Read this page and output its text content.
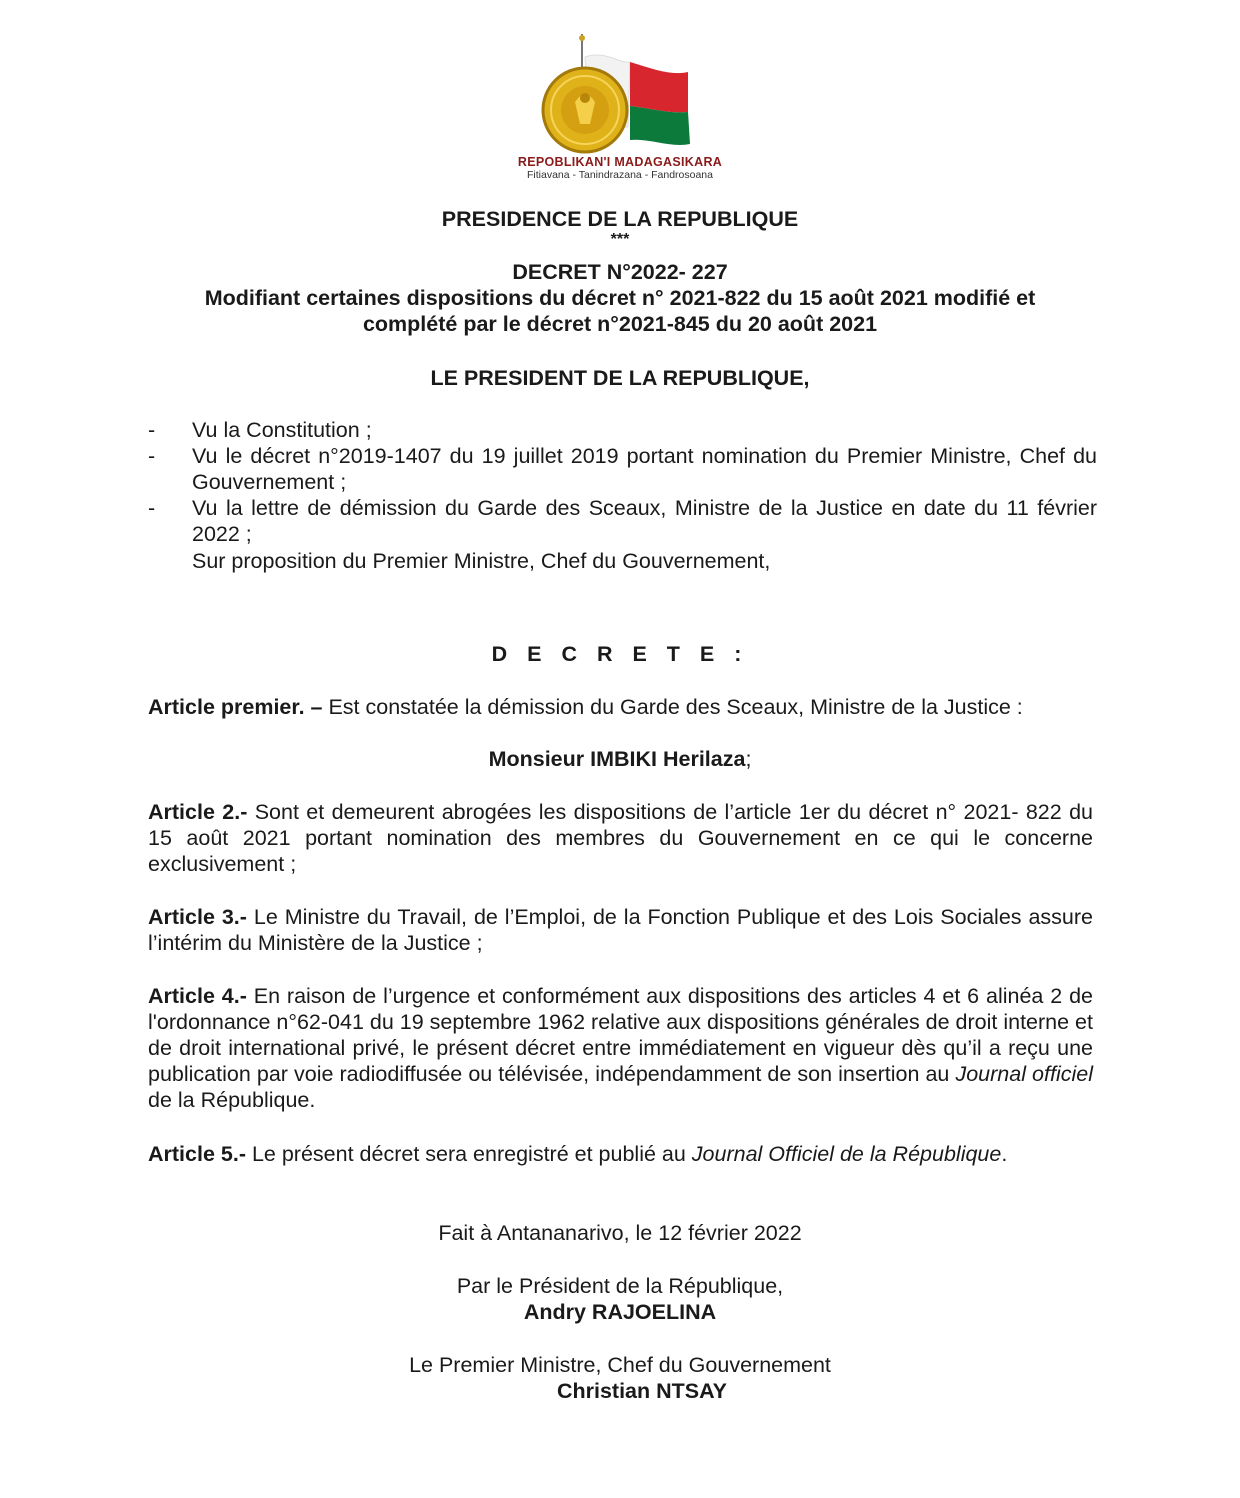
REPOBLIKAN'I MADAGASIKARA
Fitiavana - Tanindrazana - Fandrosoana
PRESIDENCE DE LA REPUBLIQUE
***
DECRET N°2022- 227
Modifiant certaines dispositions du décret n° 2021-822 du 15 août 2021 modifié et
complété par le décret n°2021-845 du 20 août 2021
LE PRESIDENT DE LA REPUBLIQUE,
-	Vu la Constitution ;
-	Vu le décret n°2019-1407 du 19 juillet 2019 portant nomination du Premier Ministre, Chef du Gouvernement ;
-	Vu la lettre de démission du Garde des Sceaux, Ministre de la Justice en date du 11 février 2022 ;
Sur proposition du Premier Ministre, Chef du Gouvernement,
D E C R E T E :
Article premier. – Est constatée la démission du Garde des Sceaux, Ministre de la Justice :
Monsieur IMBIKI Herilaza;
Article 2.- Sont et demeurent abrogées les dispositions de l’article 1er du décret n° 2021- 822 du 15 août 2021 portant nomination des membres du Gouvernement en ce qui le concerne exclusivement ;
Article 3.- Le Ministre du Travail, de l’Emploi, de la Fonction Publique et des Lois Sociales assure l’intérim du Ministère de la Justice ;
Article 4.- En raison de l’urgence et conformément aux dispositions des articles 4 et 6 alinéa 2 de l'ordonnance n°62-041 du 19 septembre 1962 relative aux dispositions générales de droit interne et de droit international privé, le présent décret entre immédiatement en vigueur dès qu’il a reçu une publication par voie radiodiffusée ou télévisée, indépendamment de son insertion au Journal officiel de la République.
Article 5.- Le présent décret sera enregistré et publié au Journal Officiel de la République.
Fait à Antananarivo, le 12 février 2022
Par le Président de la République,
Andry RAJOELINA
Le Premier Ministre, Chef du Gouvernement
Christian NTSAY
